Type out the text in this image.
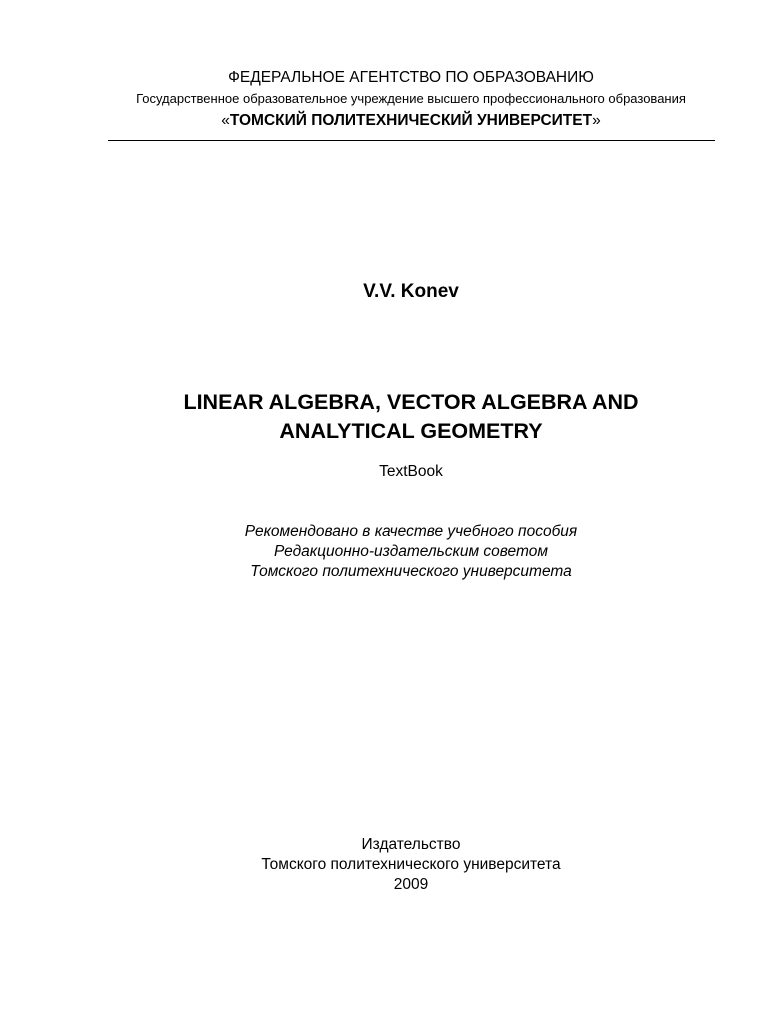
ФЕДЕРАЛЬНОЕ АГЕНТСТВО ПО ОБРАЗОВАНИЮ

Государственное образовательное учреждение высшего профессионального образования

«ТОМСКИЙ ПОЛИТЕХНИЧЕСКИЙ УНИВЕРСИТЕТ»

V.V. Konev

LINEAR ALGEBRA, VECTOR ALGEBRA AND
ANALYTICAL GEOMETRY

TextBook

Рекомендовано в качестве учебного пособия
Редакционно-издательским советом
Томского политехнического университета

Издательство
Томского политехнического университета
2009
